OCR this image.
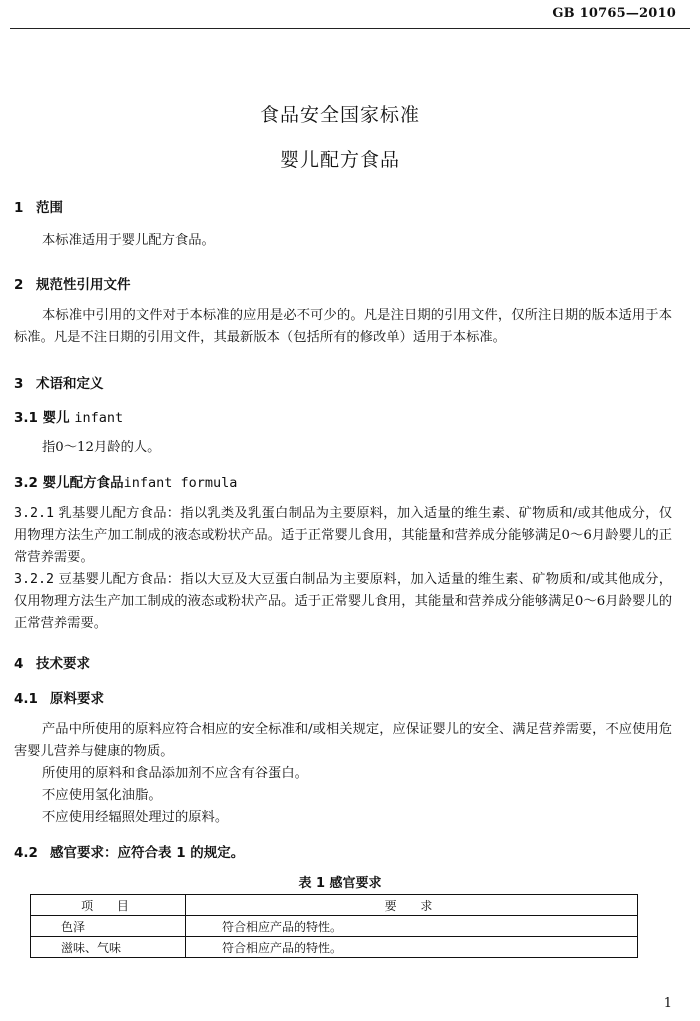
GB 10765—2010
食品安全国家标准
婴儿配方食品
1 范围
本标准适用于婴儿配方食品。
2 规范性引用文件
本标准中引用的文件对于本标准的应用是必不可少的。凡是注日期的引用文件，仅所注日期的版本适用于本标准。凡是不注日期的引用文件，其最新版本（包括所有的修改单）适用于本标准。
3 术语和定义
3.1 婴儿 infant
指0～12月龄的人。
3.2 婴儿配方食品infant formula
3.2.1 乳基婴儿配方食品：指以乳类及乳蛋白制品为主要原料，加入适量的维生素、矿物质和/或其他成分，仅用物理方法生产加工制成的液态或粉状产品。适于正常婴儿食用，其能量和营养成分能够满足0～6月龄婴儿的正常营养需要。
3.2.2 豆基婴儿配方食品：指以大豆及大豆蛋白制品为主要原料，加入适量的维生素、矿物质和/或其他成分，仅用物理方法生产加工制成的液态或粉状产品。适于正常婴儿食用，其能量和营养成分能够满足0～6月龄婴儿的正常营养需要。
4 技术要求
4.1 原料要求
产品中所使用的原料应符合相应的安全标准和/或相关规定，应保证婴儿的安全、满足营养需要，不应使用危害婴儿营养与健康的物质。
所使用的原料和食品添加剂不应含有谷蛋白。
不应使用氢化油脂。
不应使用经辐照处理过的原料。
4.2 感官要求：应符合表 1 的规定。
表 1 感官要求
项 目	要 求
色泽	符合相应产品的特性。
滋味、气味	符合相应产品的特性。
1
